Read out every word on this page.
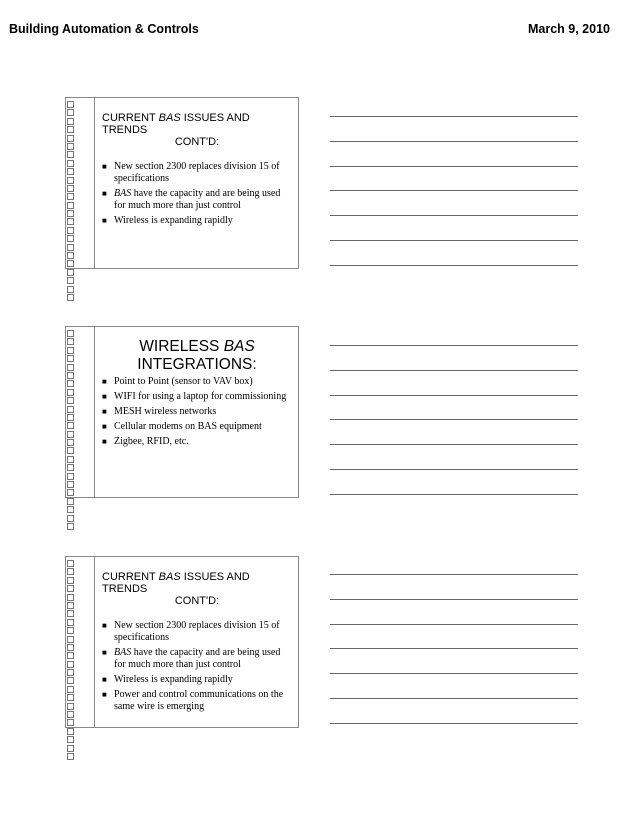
Building Automation & Controls	March 9, 2010
CURRENT BAS ISSUES AND TRENDS
CONT'D:
■ New section 2300 replaces division 15 of specifications
■ BAS have the capacity and are being used for much more than just control
■ Wireless is expanding rapidly
WIRELESS BAS
INTEGRATIONS:
■ Point to Point (sensor to VAV box)
■ WIFI for using a laptop for commissioning
■ MESH wireless networks
■ Cellular modems on BAS equipment
■ Zigbee, RFID, etc.
CURRENT BAS ISSUES AND TRENDS
CONT'D:
■ New section 2300 replaces division 15 of specifications
■ BAS have the capacity and are being used for much more than just control
■ Wireless is expanding rapidly
■ Power and control communications on the same wire is emerging
